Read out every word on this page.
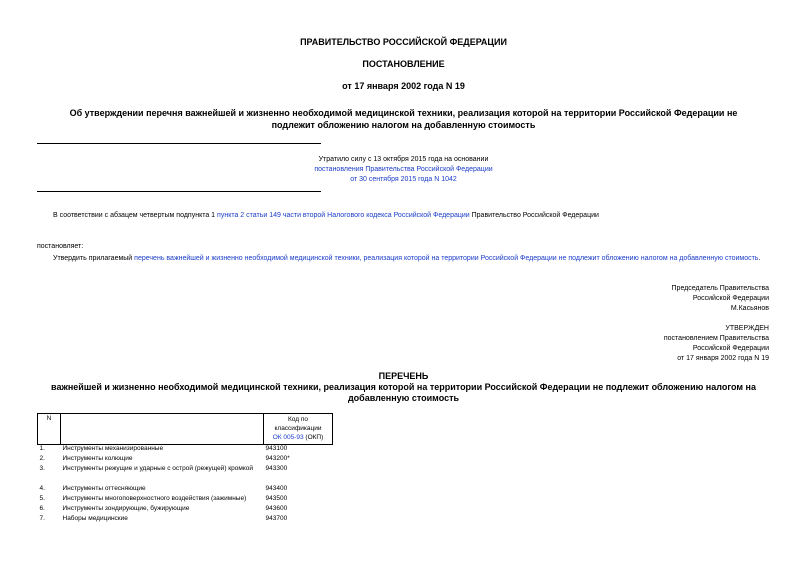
ПРАВИТЕЛЬСТВО РОССИЙСКОЙ ФЕДЕРАЦИИ
ПОСТАНОВЛЕНИЕ
от 17 января 2002 года N 19
Об утверждении перечня важнейшей и жизненно необходимой медицинской техники, реализация которой на территории Российской Федерации не подлежит обложению налогом на добавленную стоимость
Утратило силу с 13 октября 2015 года на основании
постановления Правительства Российской Федерации
от 30 сентября 2015 года N 1042
В соответствии с абзацем четвертым подпункта 1 пункта 2 статьи 149 части второй Налогового кодекса Российской Федерации Правительство Российской Федерации
постановляет:
Утвердить прилагаемый перечень важнейшей и жизненно необходимой медицинской техники, реализация которой на территории Российской Федерации не подлежит обложению налогом на добавленную стоимость.
Председатель Правительства
Российской Федерации
М.Касьянов
УТВЕРЖДЕН
постановлением Правительства
Российской Федерации
от 17 января 2002 года N 19
ПЕРЕЧЕНЬ
важнейшей и жизненно необходимой медицинской техники, реализация которой на территории Российской Федерации не подлежит обложению налогом на добавленную стоимость
N		Код по
классификации
ОК 005-93 (ОКП)

1.	Инструменты механизированные	943100
2.	Инструменты колющие	943200*
3.	Инструменты режущие и ударные с острой (режущей) кромкой	943300

4.	Инструменты оттесняющие	943400
5.	Инструменты многоповерхностного воздействия (зажимные)	943500
6.	Инструменты зондирующие, бужирующие	943600
7.	Наборы медицинские	943700
